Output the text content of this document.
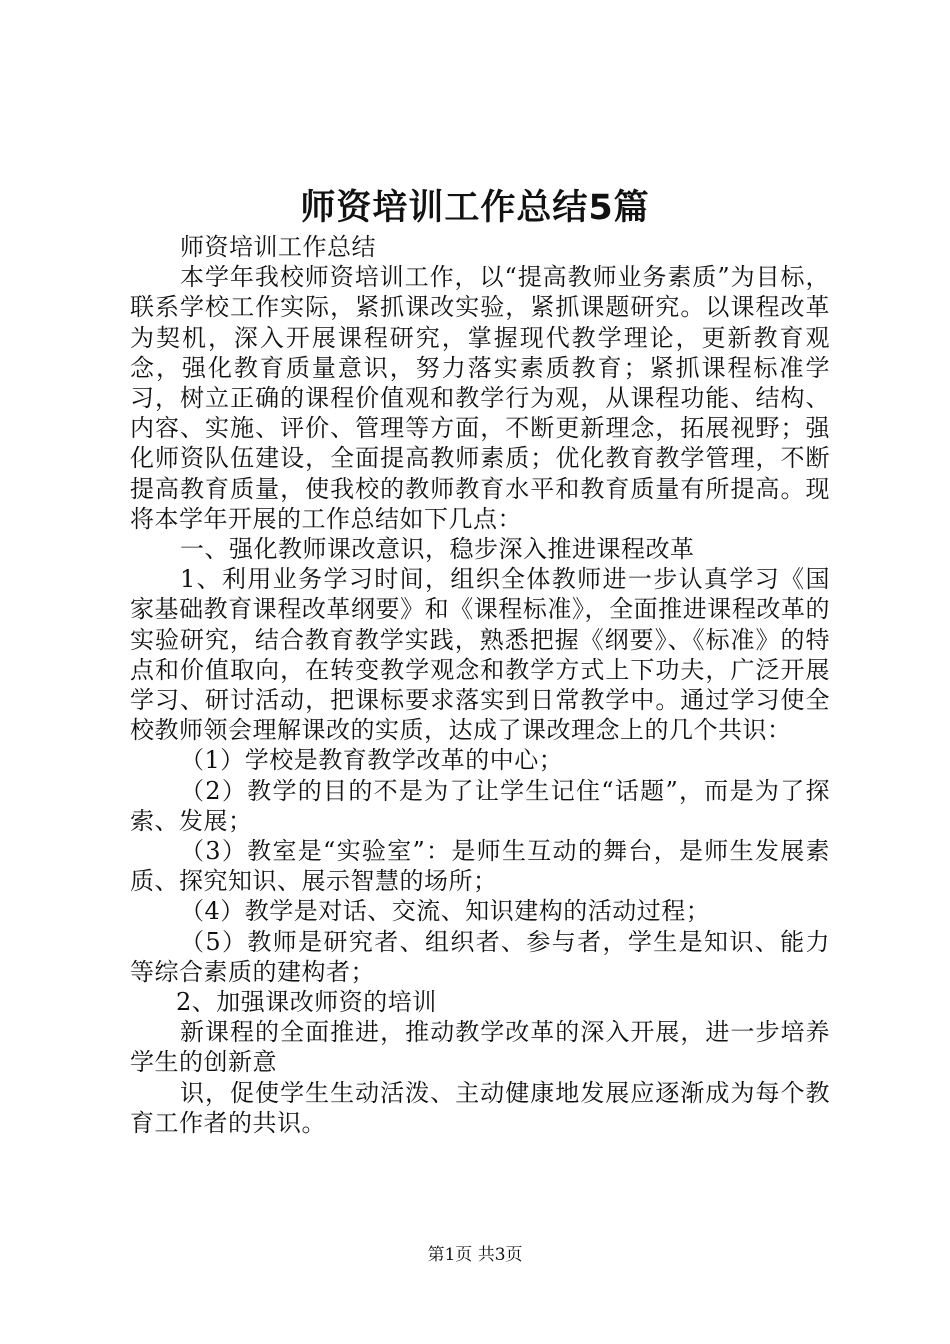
师资培训工作总结5篇

师资培训工作总结

本学年我校师资培训工作，以“提高教师业务素质”为目标，联系学校工作实际，紧抓课改实验，紧抓课题研究。以课程改革为契机，深入开展课程研究，掌握现代教学理论，更新教育观念，强化教育质量意识，努力落实素质教育；紧抓课程标准学习，树立正确的课程价值观和教学行为观，从课程功能、结构、内容、实施、评价、管理等方面，不断更新理念，拓展视野；强化师资队伍建设，全面提高教师素质；优化教育教学管理，不断提高教育质量，使我校的教师教育水平和教育质量有所提高。现将本学年开展的工作总结如下几点：

一、强化教师课改意识，稳步深入推进课程改革

1、利用业务学习时间，组织全体教师进一步认真学习《国家基础教育课程改革纲要》和《课程标准》，全面推进课程改革的实验研究，结合教育教学实践，熟悉把握《纲要》、《标准》的特点和价值取向，在转变教学观念和教学方式上下功夫，广泛开展学习、研讨活动，把课标要求落实到日常教学中。通过学习使全校教师领会理解课改的实质，达成了课改理念上的几个共识：

（1）学校是教育教学改革的中心；

（2）教学的目的不是为了让学生记住“话题”，而是为了探索、发展；

（3）教室是“实验室”：是师生互动的舞台，是师生发展素质、探究知识、展示智慧的场所；

（4）教学是对话、交流、知识建构的活动过程；

（5）教师是研究者、组织者、参与者，学生是知识、能力等综合素质的建构者；

2、加强课改师资的培训

新课程的全面推进，推动教学改革的深入开展，进一步培养学生的创新意

识，促使学生生动活泼、主动健康地发展应逐渐成为每个教育工作者的共识。

第1页 共3页
